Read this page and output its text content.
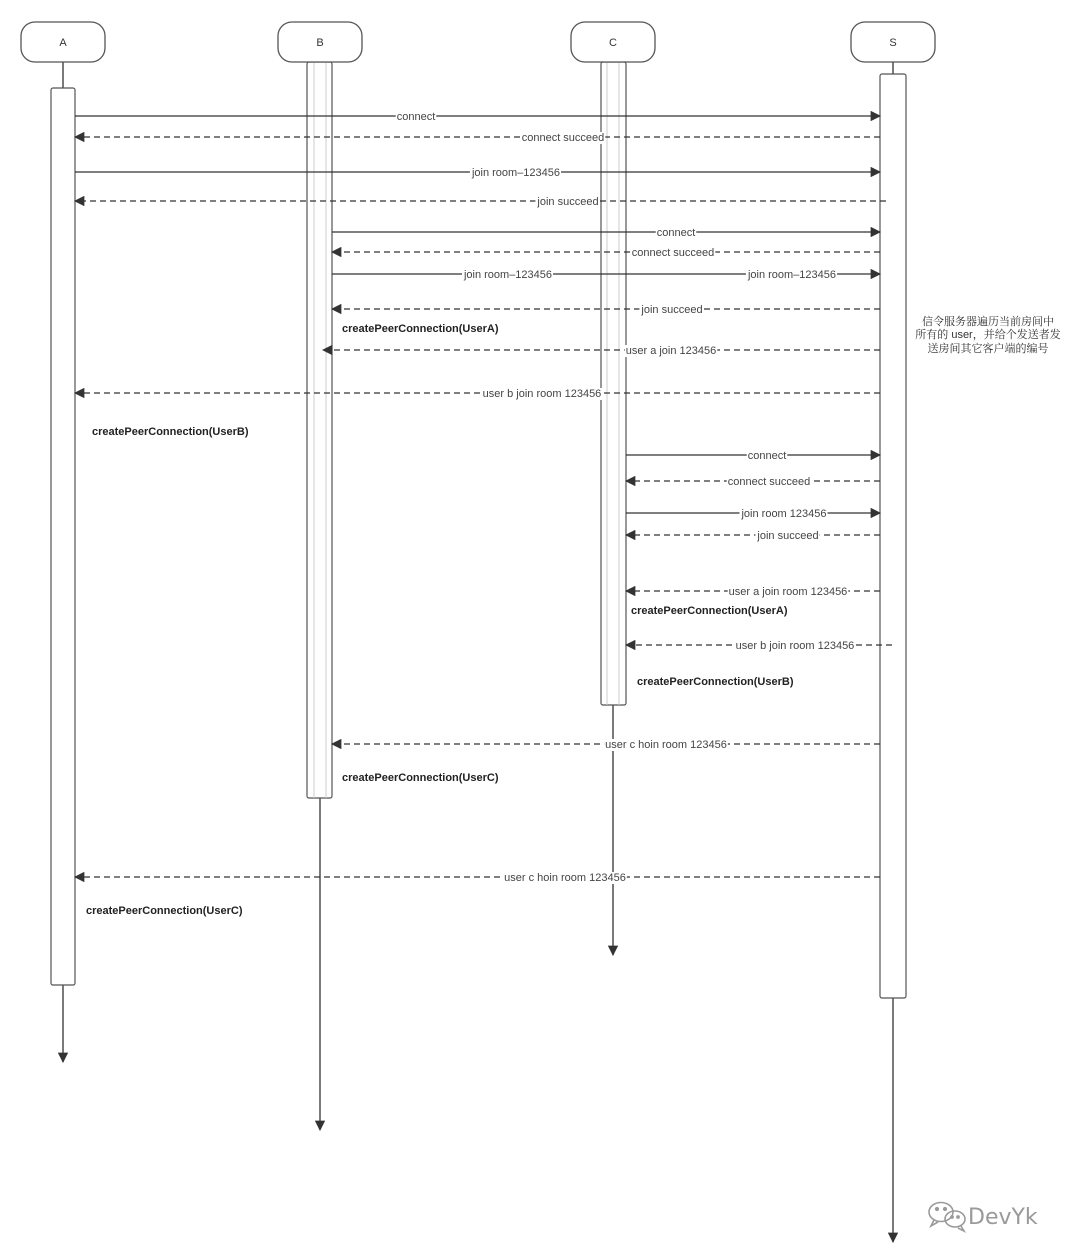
A	B	C	S
connect
connect succeed
join room–123456
join succeed
connect
connect succeed
join room–123456	join room–123456
join succeed
user a join 123456
user b join room 123456
connect
connect succeed
join room 123456
join succeed
user a join room 123456
user b join room 123456
user c hoin room 123456
user c hoin room 123456
createPeerConnection(UserA)
createPeerConnection(UserB)
createPeerConnection(UserA)
createPeerConnection(UserB)
createPeerConnection(UserC)
createPeerConnection(UserC)
信令服务器遍历当前房间中
所有的 user，并给个发送者发
送房间其它客户端的编号
DevYk
